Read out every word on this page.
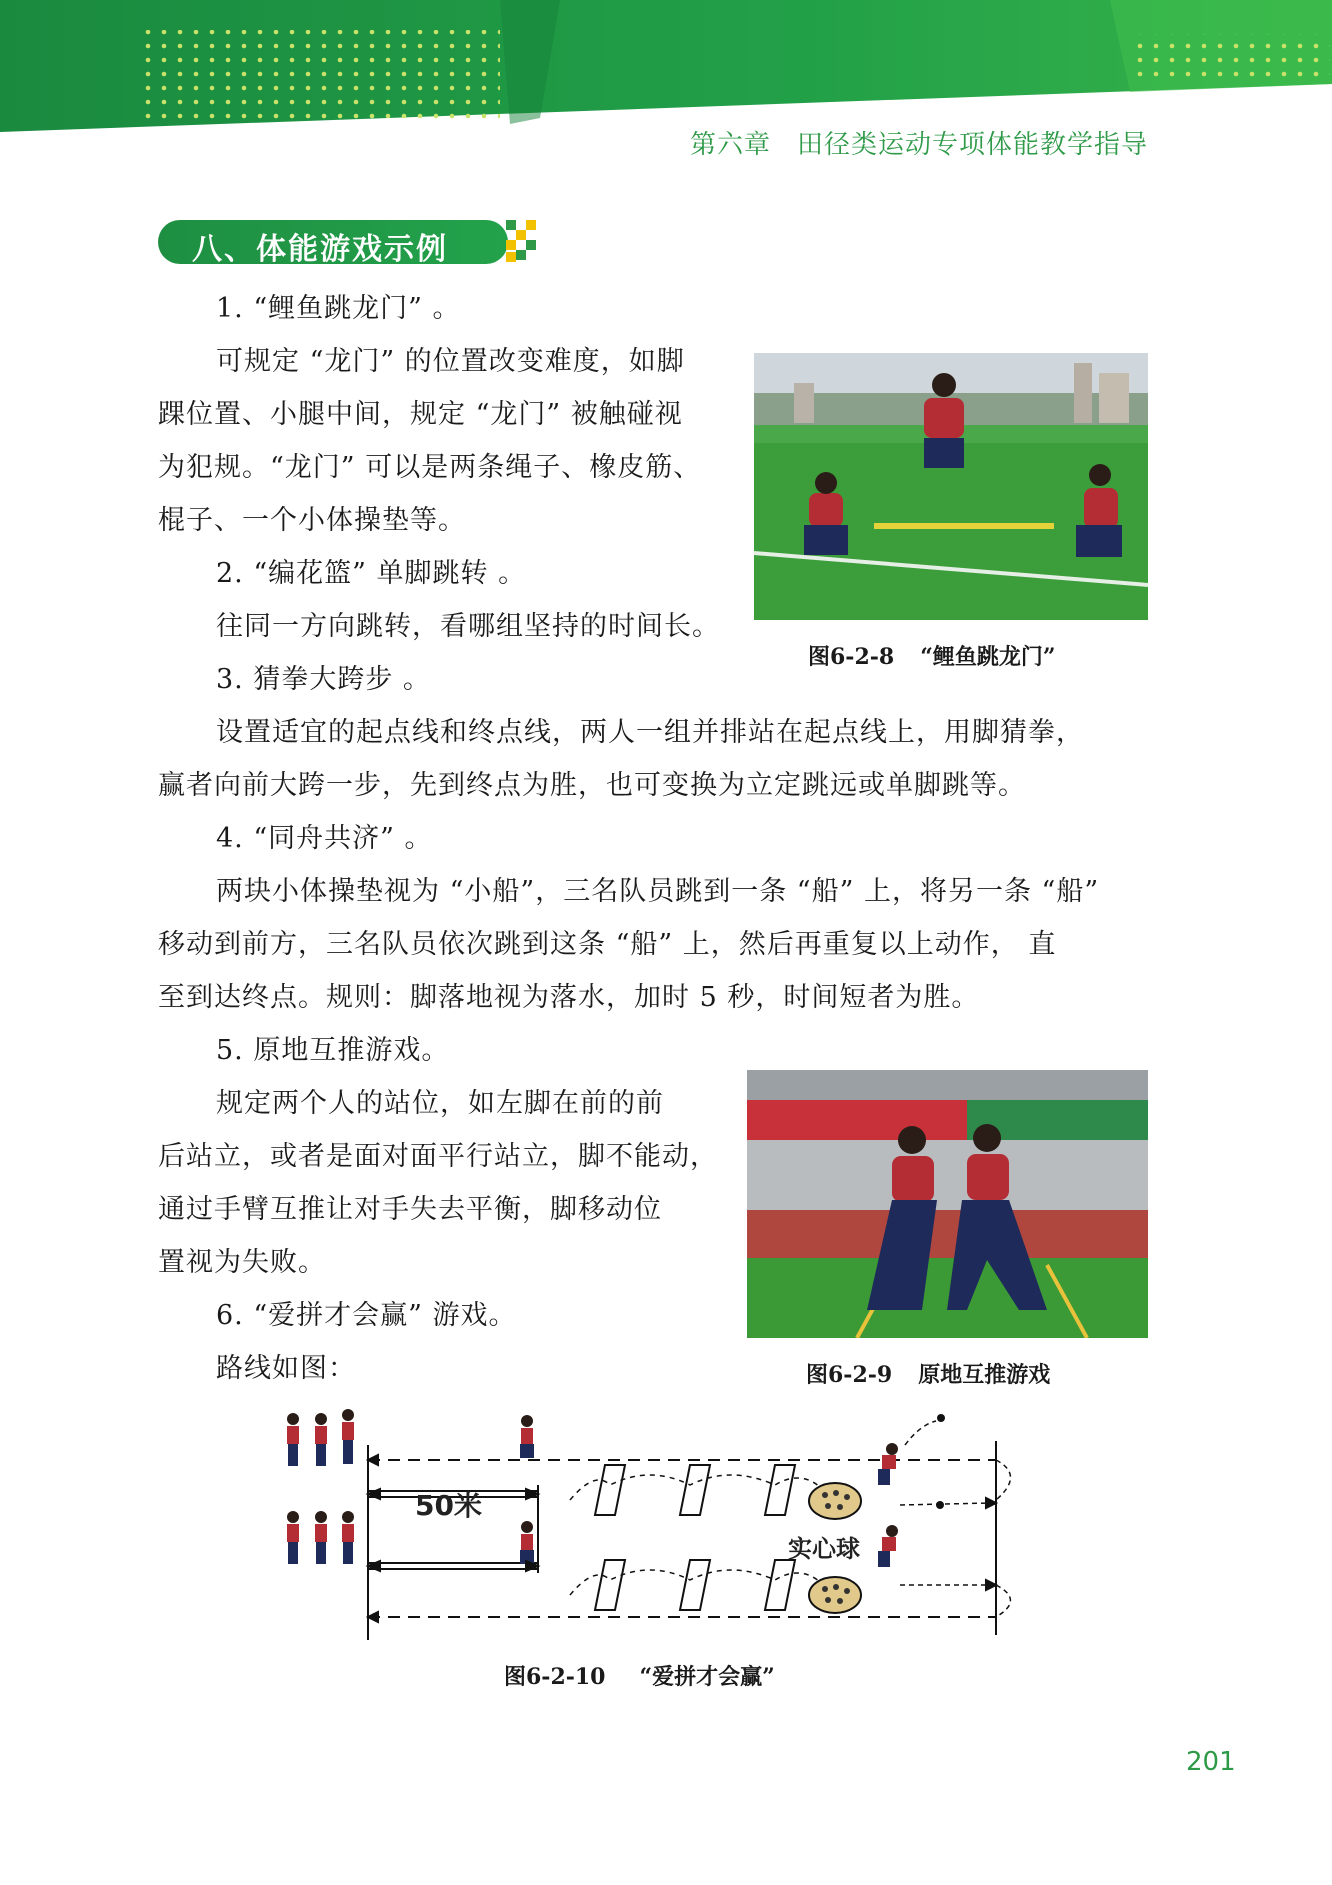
第六章 田径类运动专项体能教学指导
八、体能游戏示例
1. “鲤鱼跳龙门” 。
可规定 “龙门” 的位置改变难度，如脚
踝位置、小腿中间，规定 “龙门” 被触碰视
为犯规。“龙门” 可以是两条绳子、橡皮筋、
棍子、一个小体操垫等。
2. “编花篮” 单脚跳转 。
往同一方向跳转，看哪组坚持的时间长。
3. 猜拳大跨步 。
设置适宜的起点线和终点线，两人一组并排站在起点线上，用脚猜拳，
赢者向前大跨一步，先到终点为胜，也可变换为立定跳远或单脚跳等。
4. “同舟共济” 。
两块小体操垫视为 “小船”，三名队员跳到一条 “船” 上，将另一条 “船”
移动到前方，三名队员依次跳到这条 “船” 上，然后再重复以上动作， 直
至到达终点。规则：脚落地视为落水，加时 5 秒，时间短者为胜。
5. 原地互推游戏。
规定两个人的站位，如左脚在前的前
后站立，或者是面对面平行站立，脚不能动，
通过手臂互推让对手失去平衡，脚移动位
置视为失败。
6. “爱拼才会赢” 游戏。
路线如图：
图6-2-8 “鲤鱼跳龙门”
图6-2-9 原地互推游戏
50米
实心球
图6-2-10 “爱拼才会赢”
201
